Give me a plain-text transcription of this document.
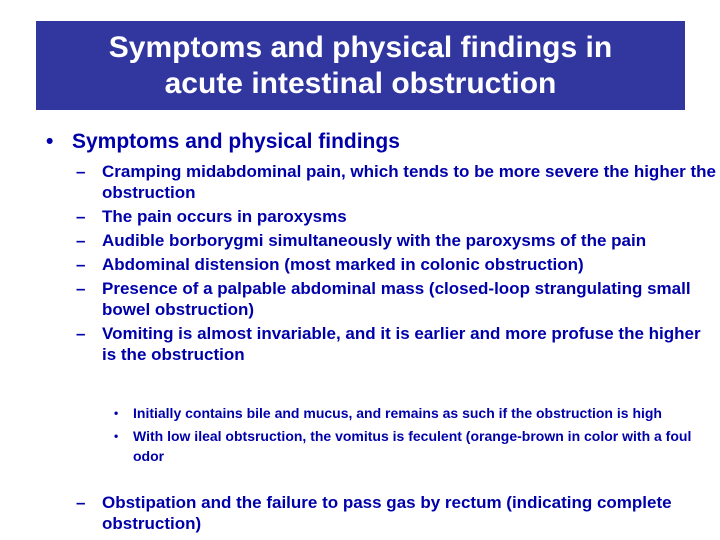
Symptoms and physical findings in
acute intestinal obstruction
• Symptoms and physical findings
– Cramping midabdominal pain, which tends to be more severe the higher the obstruction
– The pain occurs in paroxysms
– Audible borborygmi simultaneously with the paroxysms of the pain
– Abdominal distension (most marked in colonic obstruction)
– Presence of a palpable abdominal mass (closed-loop strangulating small bowel obstruction)
– Vomiting is almost invariable, and it is earlier and more profuse the higher is the obstruction
• Initially contains bile and mucus, and remains as such if the obstruction is high
• With low ileal obtsruction, the vomitus is feculent (orange-brown in color with a foul odor
– Obstipation and the failure to pass gas by rectum (indicating complete obstruction)
